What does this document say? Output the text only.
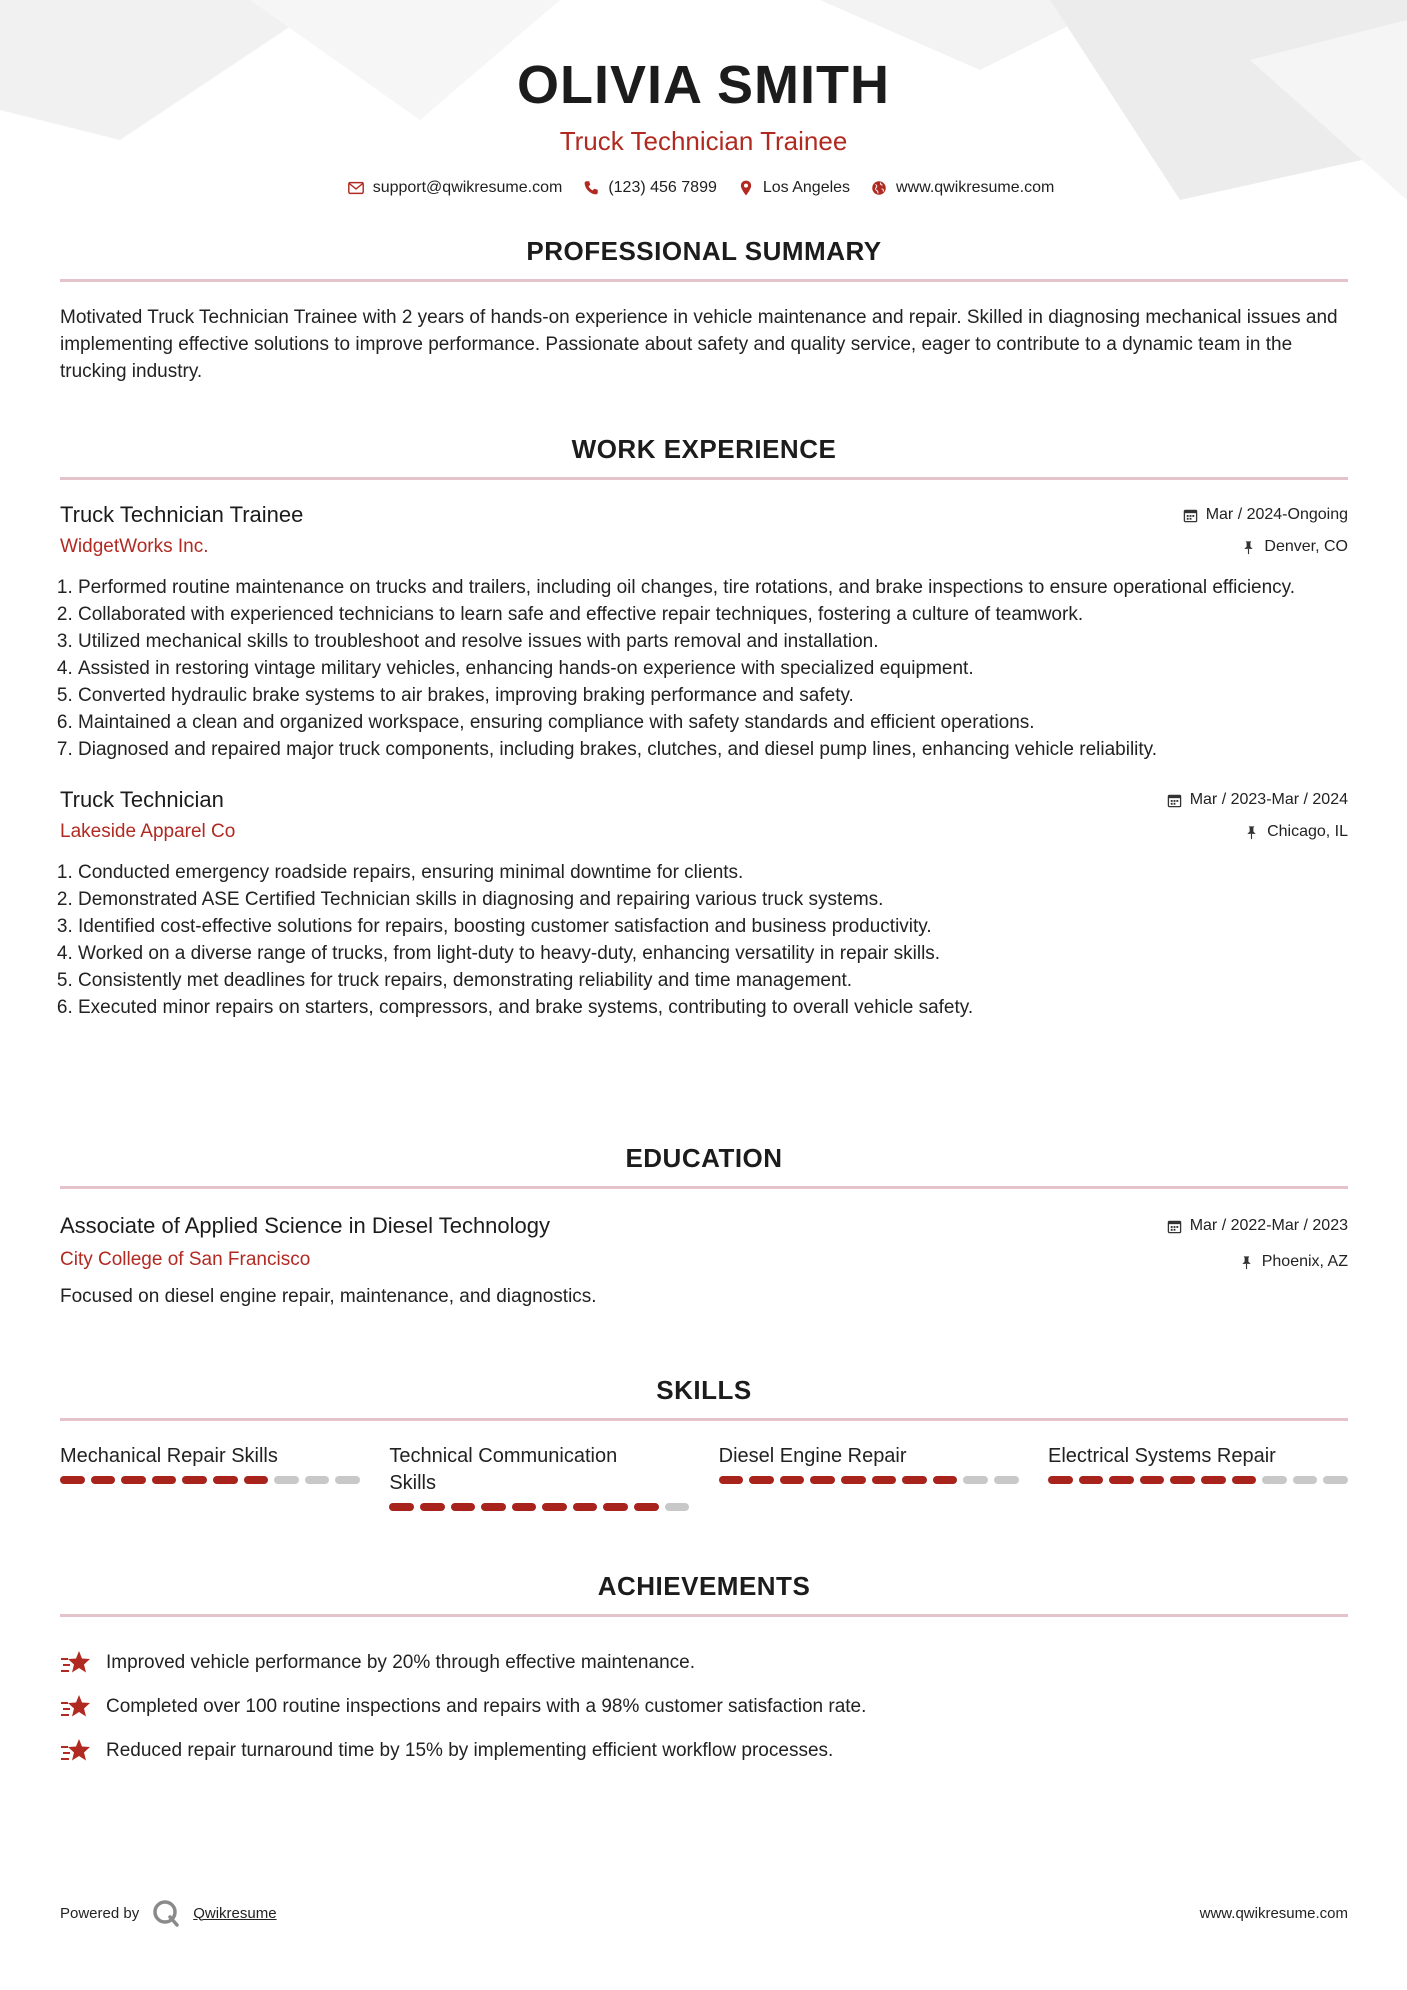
OLIVIA SMITH
Truck Technician Trainee
support@qwikresume.com	(123) 456 7899	Los Angeles	www.qwikresume.com
PROFESSIONAL SUMMARY
Motivated Truck Technician Trainee with 2 years of hands-on experience in vehicle maintenance and repair. Skilled in diagnosing mechanical issues and implementing effective solutions to improve performance. Passionate about safety and quality service, eager to contribute to a dynamic team in the trucking industry.
WORK EXPERIENCE
Truck Technician Trainee
WidgetWorks Inc.
Mar / 2024-Ongoing
Denver, CO
1. Performed routine maintenance on trucks and trailers, including oil changes, tire rotations, and brake inspections to ensure operational efficiency.
2. Collaborated with experienced technicians to learn safe and effective repair techniques, fostering a culture of teamwork.
3. Utilized mechanical skills to troubleshoot and resolve issues with parts removal and installation.
4. Assisted in restoring vintage military vehicles, enhancing hands-on experience with specialized equipment.
5. Converted hydraulic brake systems to air brakes, improving braking performance and safety.
6. Maintained a clean and organized workspace, ensuring compliance with safety standards and efficient operations.
7. Diagnosed and repaired major truck components, including brakes, clutches, and diesel pump lines, enhancing vehicle reliability.
Truck Technician
Lakeside Apparel Co
Mar / 2023-Mar / 2024
Chicago, IL
1. Conducted emergency roadside repairs, ensuring minimal downtime for clients.
2. Demonstrated ASE Certified Technician skills in diagnosing and repairing various truck systems.
3. Identified cost-effective solutions for repairs, boosting customer satisfaction and business productivity.
4. Worked on a diverse range of trucks, from light-duty to heavy-duty, enhancing versatility in repair skills.
5. Consistently met deadlines for truck repairs, demonstrating reliability and time management.
6. Executed minor repairs on starters, compressors, and brake systems, contributing to overall vehicle safety.
EDUCATION
Associate of Applied Science in Diesel Technology
City College of San Francisco
Mar / 2022-Mar / 2023
Phoenix, AZ
Focused on diesel engine repair, maintenance, and diagnostics.
SKILLS
Mechanical Repair Skills	Technical Communication Skills
Diesel Engine Repair	Electrical Systems Repair
ACHIEVEMENTS
Improved vehicle performance by 20% through effective maintenance.
Completed over 100 routine inspections and repairs with a 98% customer satisfaction rate.
Reduced repair turnaround time by 15% by implementing efficient workflow processes.
Powered by	Qwikresume	www.qwikresume.com
